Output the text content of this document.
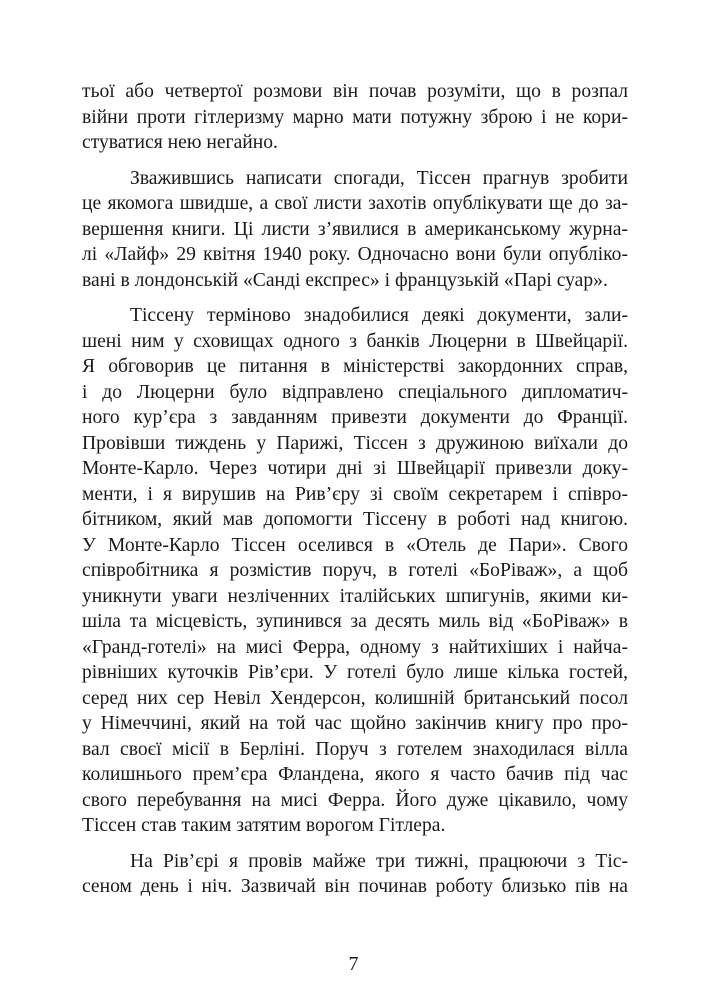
тьої або четвертої розмови він почав розуміти, що в розпал
війни проти гітлеризму марно мати потужну зброю і не кори-
стуватися нею негайно.
Зважившись написати спогади, Тіссен прагнув зробити
це якомога швидше, а свої листи захотів опублікувати ще до за-
вершення книги. Ці листи з’явилися в американському журна-
лі «Лайф» 29 квітня 1940 року. Одночасно вони були опубліко-
вані в лондонській «Санді експрес» і французькій «Парі суар».
Тіссену терміново знадобилися деякі документи, зали-
шені ним у сховищах одного з банків Люцерни в Швейцарії.
Я обговорив це питання в міністерстві закордонних справ,
і до Люцерни було відправлено спеціального дипломатич-
ного кур’єра з завданням привезти документи до Франції.
Провівши тиждень у Парижі, Тіссен з дружиною виїхали до
Монте-Карло. Через чотири дні зі Швейцарії привезли доку-
менти, і я вирушив на Рив’єру зі своїм секретарем і співро-
бітником, який мав допомогти Тіссену в роботі над книгою.
У Монте-Карло Тіссен оселився в «Отель де Пари». Свого
співробітника я розмістив поруч, в готелі «БоРіваж», а щоб
уникнути уваги незліченних італійських шпигунів, якими ки-
шіла та місцевість, зупинився за десять миль від «БоРіваж» в
«Гранд-готелі» на мисі Ферра, одному з найтихіших і найча-
рівніших куточків Рів’єри. У готелі було лише кілька гостей,
серед них сер Невіл Хендерсон, колишній британський посол
у Німеччині, який на той час щойно закінчив книгу про про-
вал своєї місії в Берліні. Поруч з готелем знаходилася вілла
колишнього прем’єра Фландена, якого я часто бачив під час
свого перебування на мисі Ферра. Його дуже цікавило, чому
Тіссен став таким затятим ворогом Гітлера.
На Рів’єрі я провів майже три тижні, працюючи з Тіс-
сеном день і ніч. Зазвичай він починав роботу близько пів на
7
